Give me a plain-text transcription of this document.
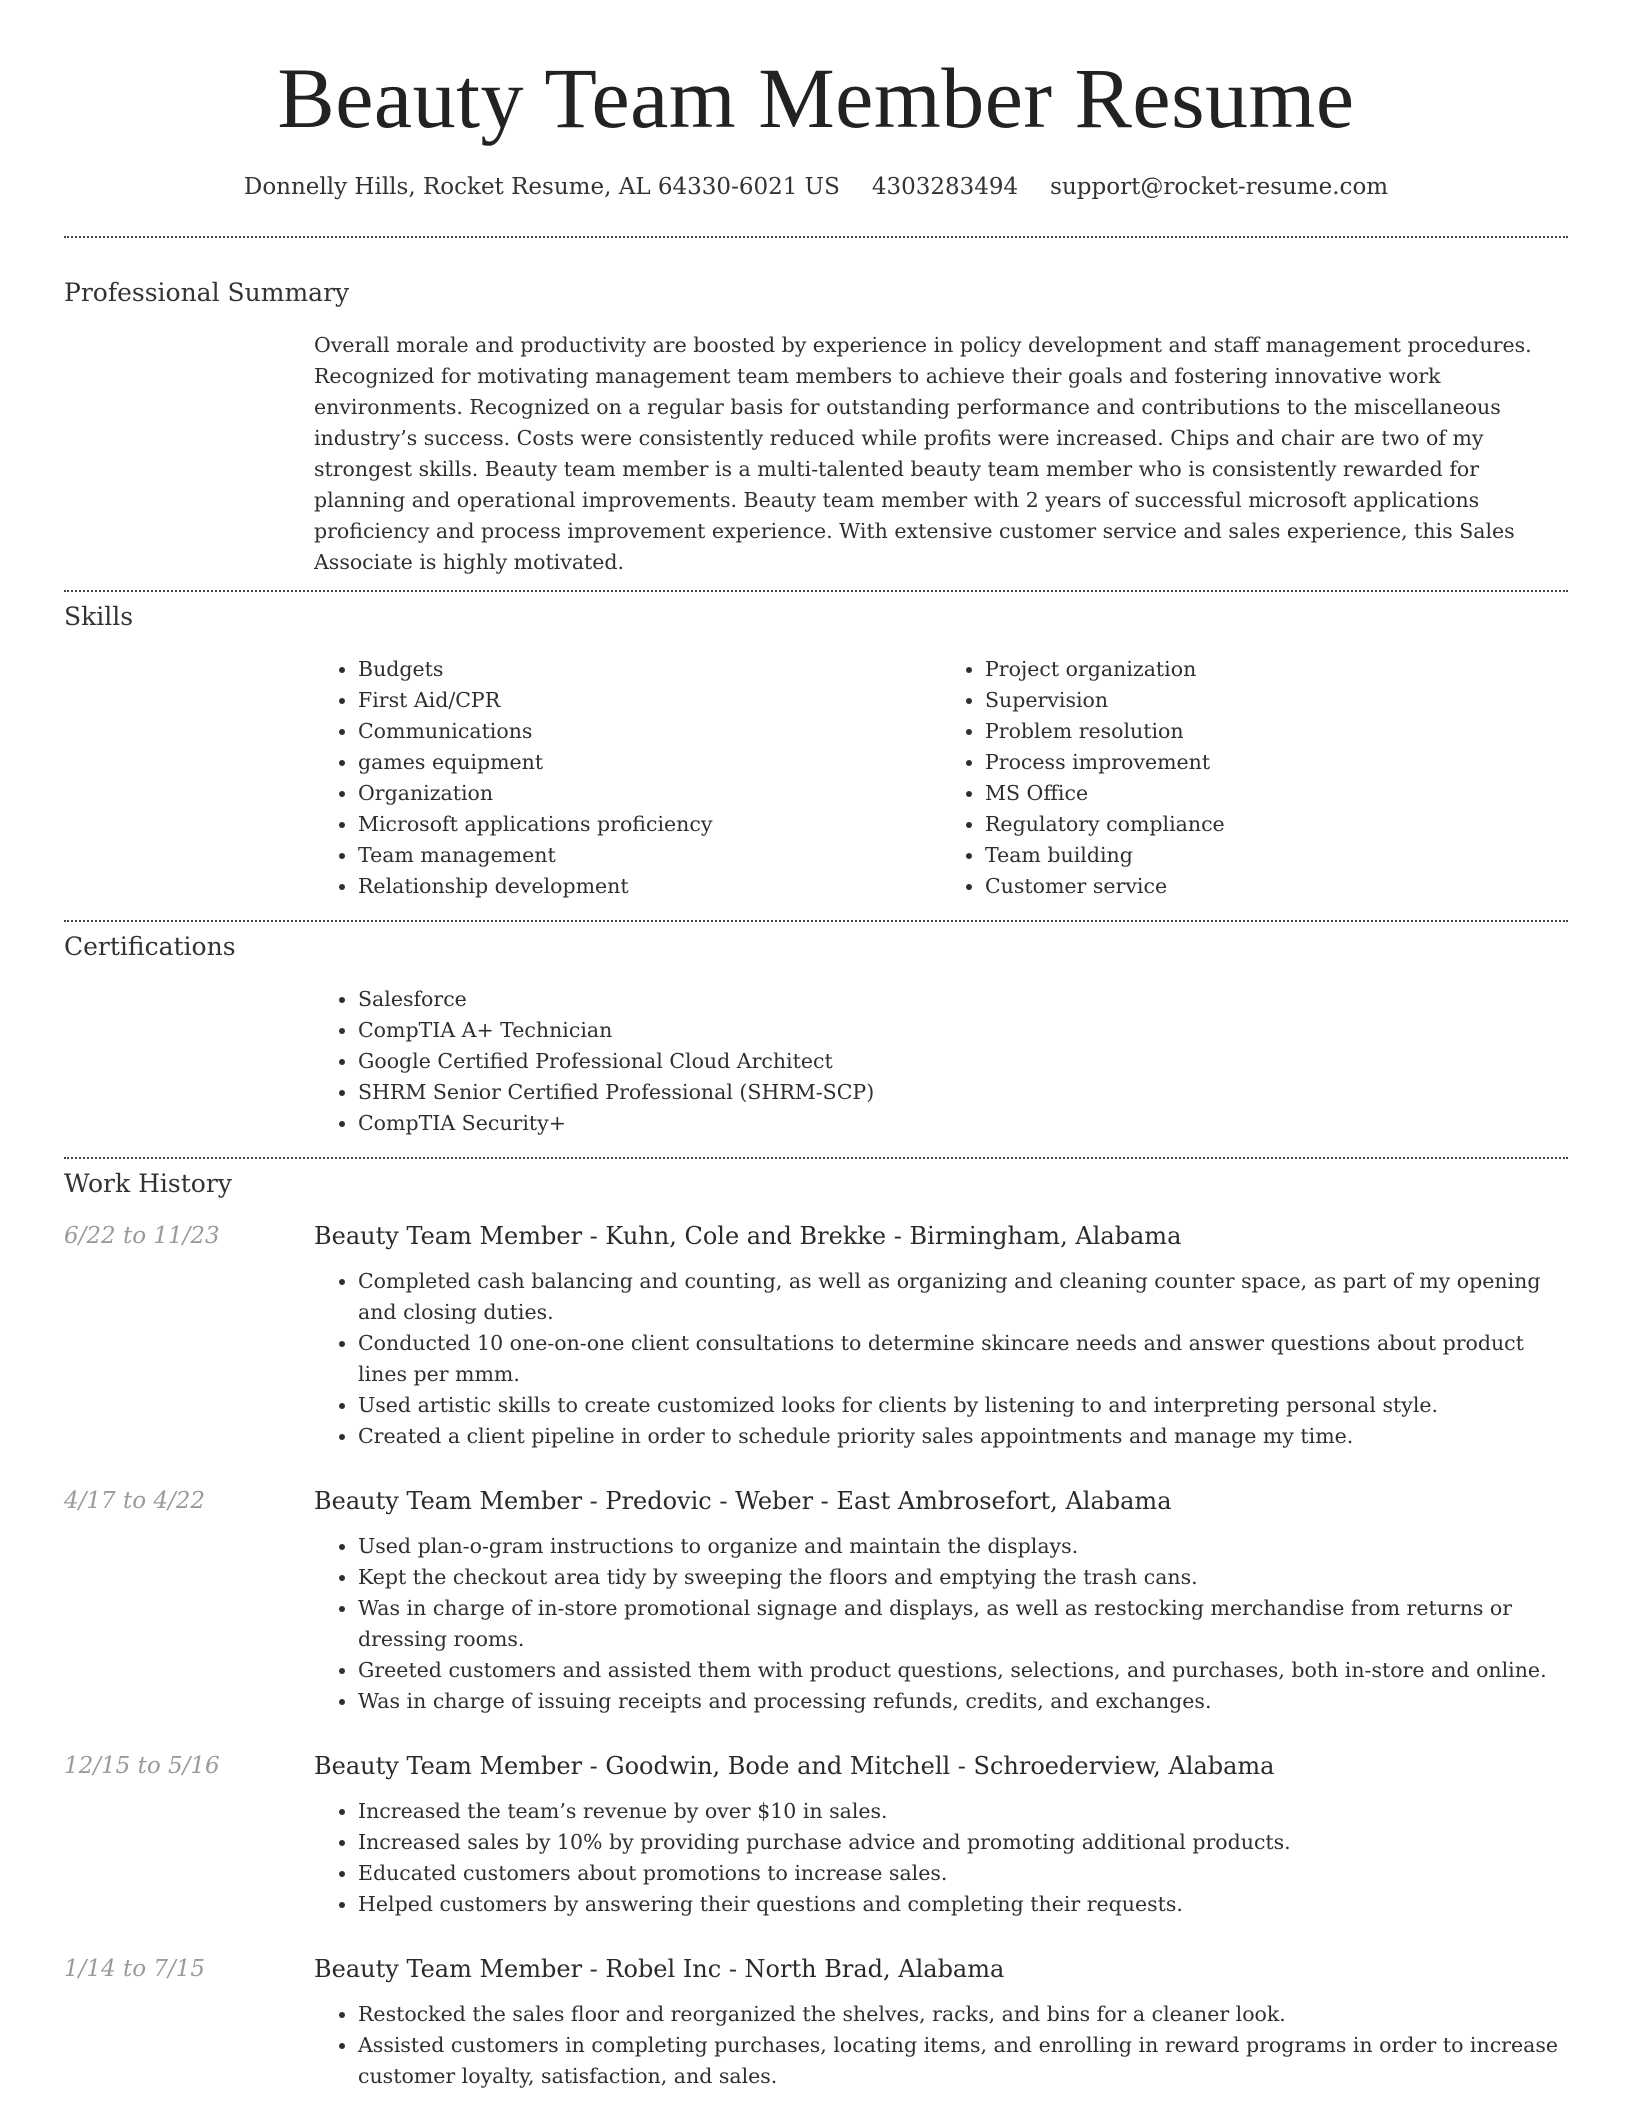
Beauty Team Member Resume
Donnelly Hills, Rocket Resume, AL 64330-6021 US 4303283494 support@rocket-resume.com
Professional Summary

Overall morale and productivity are boosted by experience in policy development and staff management procedures. Recognized for motivating management team members to achieve their goals and fostering innovative work environments. Recognized on a regular basis for outstanding performance and contributions to the miscellaneous industry’s success. Costs were consistently reduced while profits were increased. Chips and chair are two of my strongest skills. Beauty team member is a multi-talented beauty team member who is consistently rewarded for planning and operational improvements. Beauty team member with 2 years of successful microsoft applications proficiency and process improvement experience. With extensive customer service and sales experience, this Sales Associate is highly motivated.

Skills
• Budgets
• First Aid/CPR
• Communications
• games equipment
• Organization
• Microsoft applications proficiency
• Team management
• Relationship development
• Project organization
• Supervision
• Problem resolution
• Process improvement
• MS Office
• Regulatory compliance
• Team building
• Customer service
Certifications
• Salesforce
• CompTIA A+ Technician
• Google Certified Professional Cloud Architect
• SHRM Senior Certified Professional (SHRM-SCP)
• CompTIA Security+
Work History
6/22 to 11/23	Beauty Team Member - Kuhn, Cole and Brekke - Birmingham, Alabama
• Completed cash balancing and counting, as well as organizing and cleaning counter space, as part of my opening and closing duties.
• Conducted 10 one-on-one client consultations to determine skincare needs and answer questions about product lines per mmm.
• Used artistic skills to create customized looks for clients by listening to and interpreting personal style.
• Created a client pipeline in order to schedule priority sales appointments and manage my time.
4/17 to 4/22	Beauty Team Member - Predovic - Weber - East Ambrosefort, Alabama
• Used plan-o-gram instructions to organize and maintain the displays.
• Kept the checkout area tidy by sweeping the floors and emptying the trash cans.
• Was in charge of in-store promotional signage and displays, as well as restocking merchandise from returns or dressing rooms.
• Greeted customers and assisted them with product questions, selections, and purchases, both in-store and online.
• Was in charge of issuing receipts and processing refunds, credits, and exchanges.
12/15 to 5/16	Beauty Team Member - Goodwin, Bode and Mitchell - Schroederview, Alabama
• Increased the team’s revenue by over $10 in sales.
• Increased sales by 10% by providing purchase advice and promoting additional products.
• Educated customers about promotions to increase sales.
• Helped customers by answering their questions and completing their requests.
1/14 to 7/15	Beauty Team Member - Robel Inc - North Brad, Alabama
• Restocked the sales floor and reorganized the shelves, racks, and bins for a cleaner look.
• Assisted customers in completing purchases, locating items, and enrolling in reward programs in order to increase customer loyalty, satisfaction, and sales.
